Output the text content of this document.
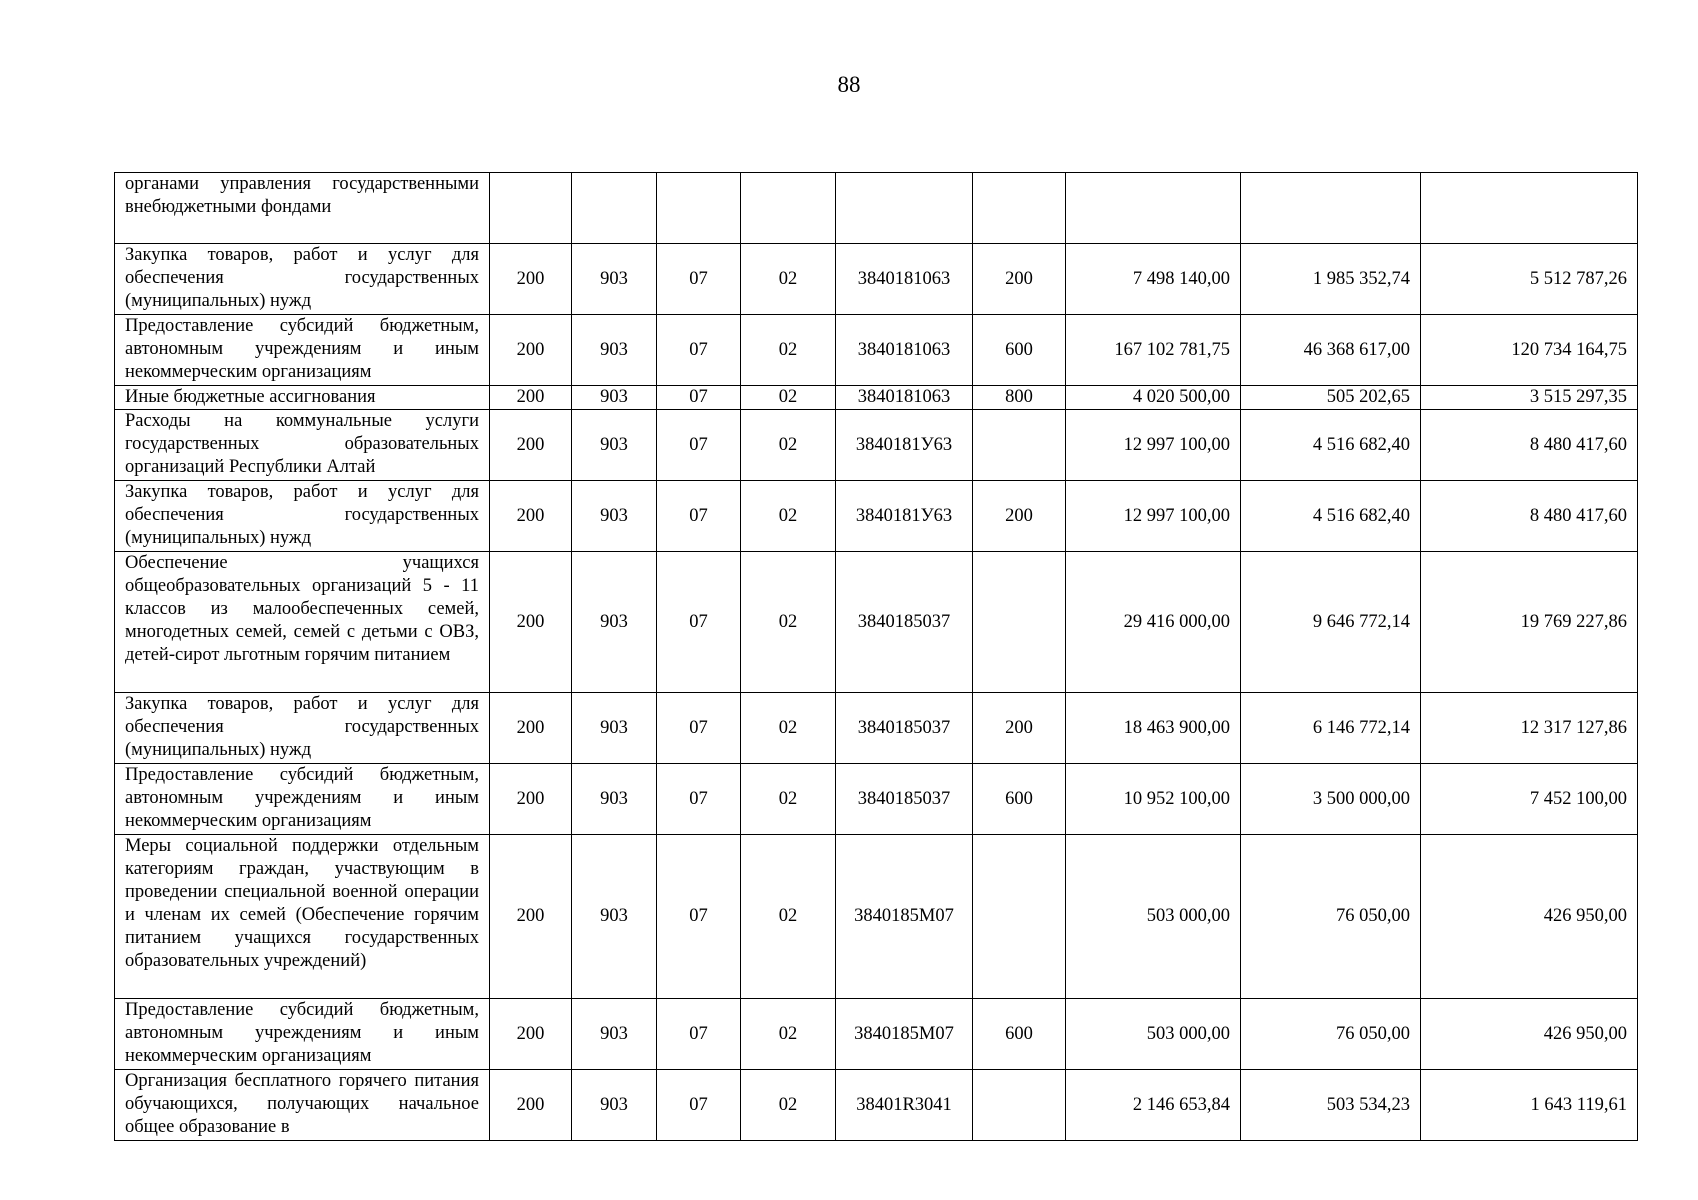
88
органами управления государственными внебюджетными фондами									
Закупка товаров, работ и услуг для обеспечения государственных (муниципальных) нужд	200	903	07	02	3840181063	200	7 498 140,00	1 985 352,74	5 512 787,26
Предоставление субсидий бюджетным, автономным учреждениям и иным некоммерческим организациям	200	903	07	02	3840181063	600	167 102 781,75	46 368 617,00	120 734 164,75
Иные бюджетные ассигнования	200	903	07	02	3840181063	800	4 020 500,00	505 202,65	3 515 297,35
Расходы на коммунальные услуги государственных образовательных организаций Республики Алтай	200	903	07	02	3840181У63		12 997 100,00	4 516 682,40	8 480 417,60
Закупка товаров, работ и услуг для обеспечения государственных (муниципальных) нужд	200	903	07	02	3840181У63	200	12 997 100,00	4 516 682,40	8 480 417,60
Обеспечение учащихся общеобразовательных организаций 5 - 11 классов из малообеспеченных семей, многодетных семей, семей с детьми с ОВЗ, детей-сирот льготным горячим питанием	200	903	07	02	3840185037		29 416 000,00	9 646 772,14	19 769 227,86
Закупка товаров, работ и услуг для обеспечения государственных (муниципальных) нужд	200	903	07	02	3840185037	200	18 463 900,00	6 146 772,14	12 317 127,86
Предоставление субсидий бюджетным, автономным учреждениям и иным некоммерческим организациям	200	903	07	02	3840185037	600	10 952 100,00	3 500 000,00	7 452 100,00
Меры социальной поддержки отдельным категориям граждан, участвующим в проведении специальной военной операции и членам их семей (Обеспечение горячим питанием учащихся государственных образовательных учреждений)	200	903	07	02	3840185М07		503 000,00	76 050,00	426 950,00
Предоставление субсидий бюджетным, автономным учреждениям и иным некоммерческим организациям	200	903	07	02	3840185М07	600	503 000,00	76 050,00	426 950,00
Организация бесплатного горячего питания обучающихся, получающих начальное общее образование в	200	903	07	02	38401R3041		2 146 653,84	503 534,23	1 643 119,61
